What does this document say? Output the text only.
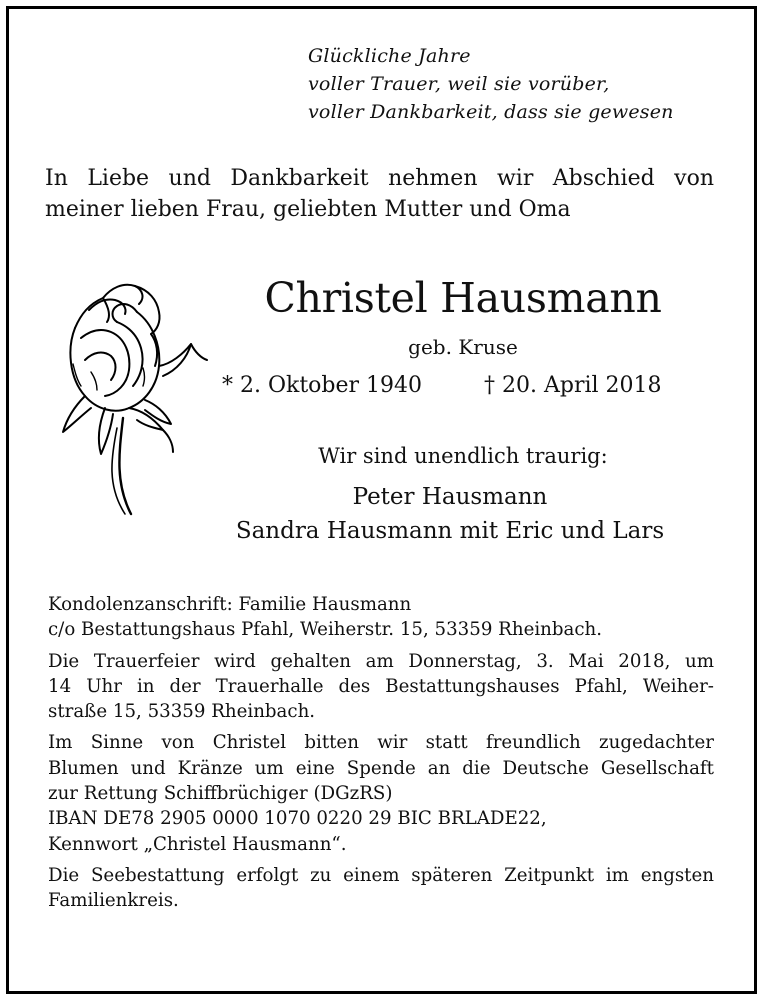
Glückliche Jahre
voller Trauer, weil sie vorüber,
voller Dankbarkeit, dass sie gewesen
In Liebe und Dankbarkeit nehmen wir Abschied von
meiner lieben Frau, geliebten Mutter und Oma
Christel Hausmann
geb. Kruse
* 2. Oktober 1940	† 20. April 2018
Wir sind unendlich traurig:
Peter Hausmann
Sandra Hausmann mit Eric und Lars

Kondolenzanschrift: Familie Hausmann
c/o Bestattungshaus Pfahl, Weiherstr. 15, 53359 Rheinbach.

Die Trauerfeier wird gehalten am Donnerstag, 3. Mai 2018, um
14 Uhr in der Trauerhalle des Bestattungshauses Pfahl, Weiher-
straße 15, 53359 Rheinbach.

Im Sinne von Christel bitten wir statt freundlich zugedachter
Blumen und Kränze um eine Spende an die Deutsche Gesellschaft
zur Rettung Schiffbrüchiger (DGzRS)
IBAN DE78 2905 0000 1070 0220 29 BIC BRLADE22,
Kennwort „Christel Hausmann“.

Die Seebestattung erfolgt zu einem späteren Zeitpunkt im engsten
Familienkreis.
